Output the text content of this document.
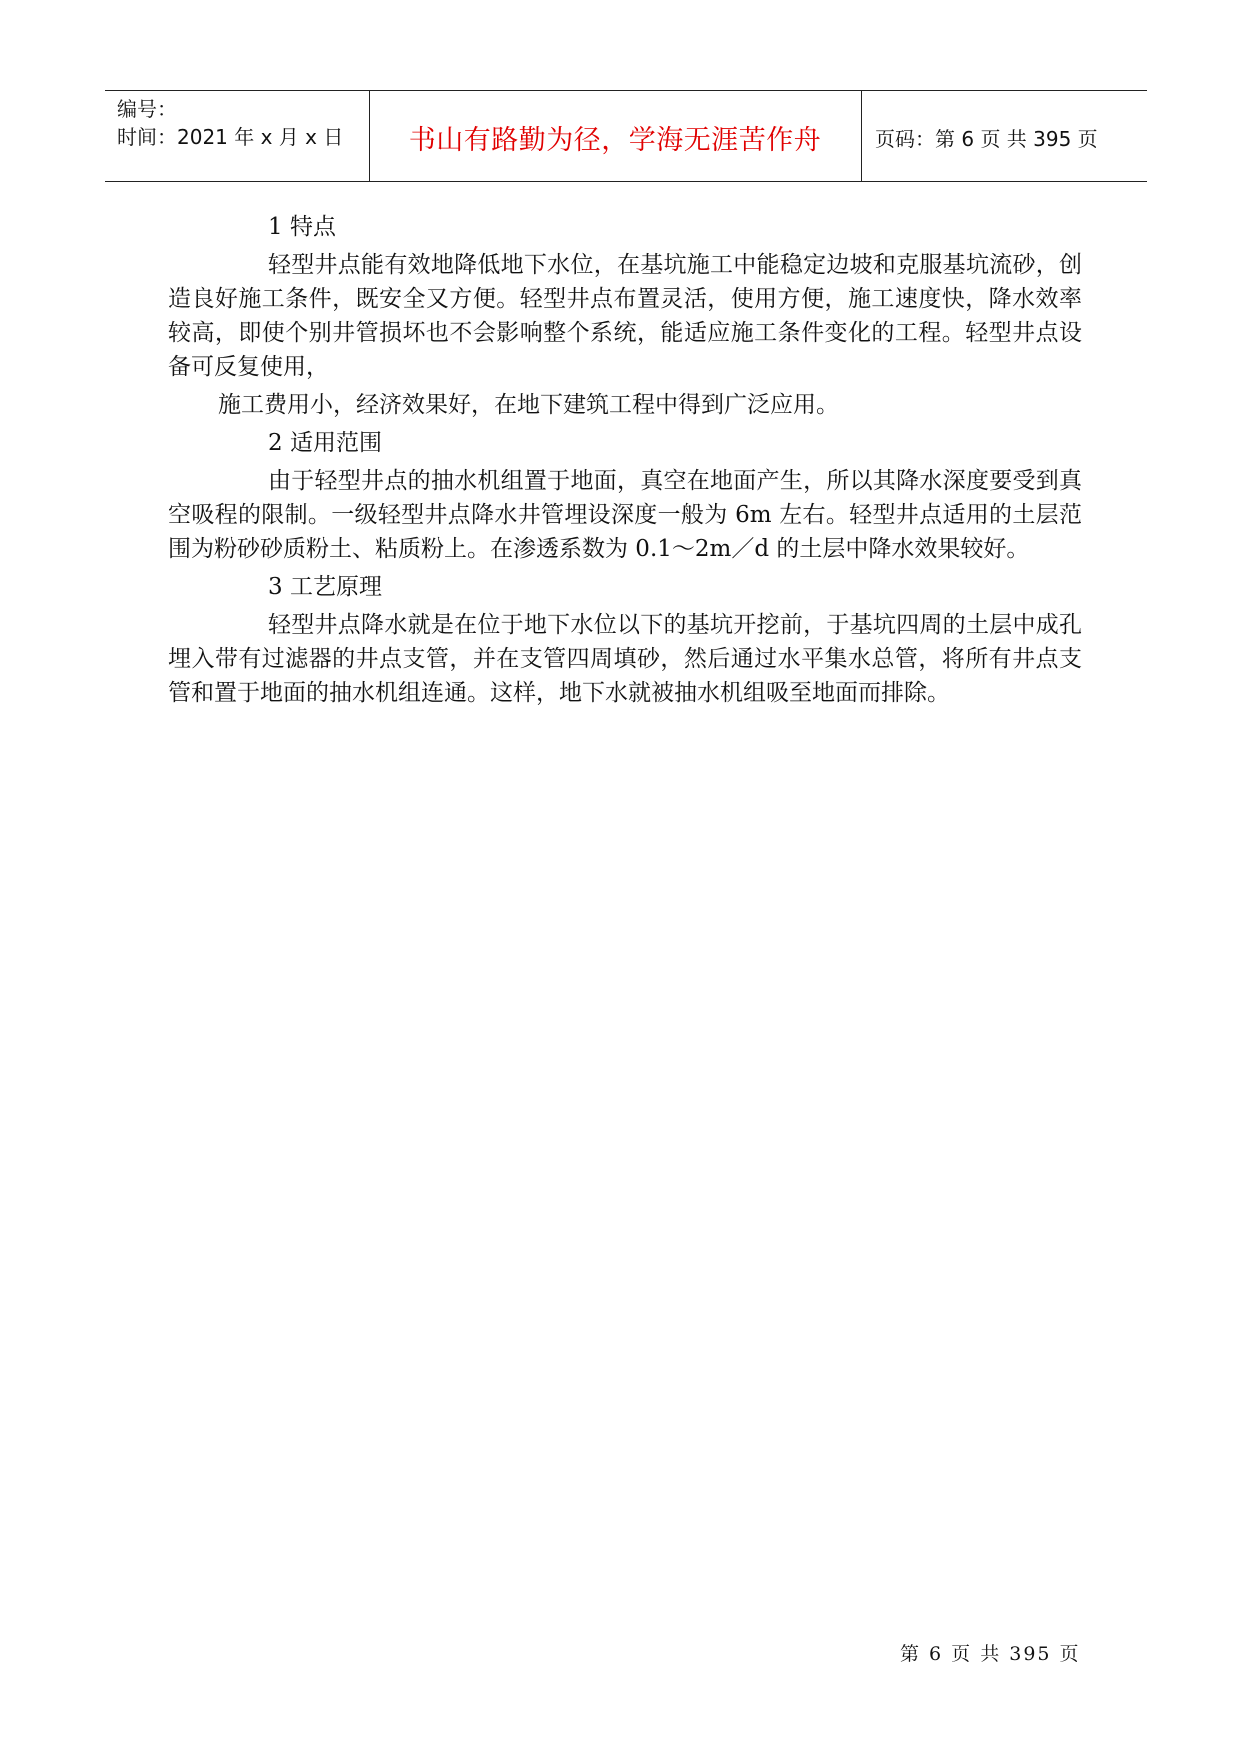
编号：
时间：2021 年 x 月 x 日	书山有路勤为径，学海无涯苦作舟	页码：第 6 页 共 395 页

1 特点

轻型井点能有效地降低地下水位，在基坑施工中能稳定边坡和克服基坑流砂，创造良好施工条件，既安全又方便。轻型井点布置灵活，使用方便，施工速度快，降水效率较高，即使个别井管损坏也不会影响整个系统，能适应施工条件变化的工程。轻型井点设备可反复使用，

施工费用小，经济效果好，在地下建筑工程中得到广泛应用。

2 适用范围

由于轻型井点的抽水机组置于地面，真空在地面产生，所以其降水深度要受到真空吸程的限制。一级轻型井点降水井管埋设深度一般为 6m 左右。轻型井点适用的土层范围为粉砂砂质粉土、粘质粉上。在渗透系数为 0.1～2m／d 的土层中降水效果较好。

3 工艺原理

轻型井点降水就是在位于地下水位以下的基坑开挖前，于基坑四周的土层中成孔埋入带有过滤器的井点支管，并在支管四周填砂，然后通过水平集水总管，将所有井点支管和置于地面的抽水机组连通。这样，地下水就被抽水机组吸至地面而排除。

第 6 页 共 395 页
